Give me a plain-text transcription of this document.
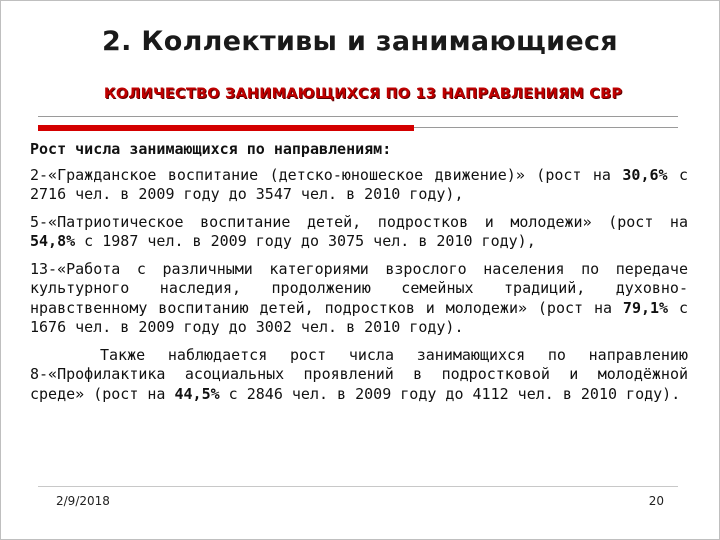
2. Коллективы и занимающиеся
КОЛИЧЕСТВО ЗАНИМАЮЩИХСЯ ПО 13 НАПРАВЛЕНИЯМ СВР

Рост числа занимающихся по направлениям:

2-«Гражданское воспитание (детско-юношеское движение)» (рост на 30,6% с 2716 чел. в 2009 году до 3547 чел. в 2010 году),

5-«Патриотическое воспитание детей, подростков и молодежи» (рост на 54,8% с 1987 чел. в 2009 году до 3075 чел. в 2010 году),

13-«Работа с различными категориями взрослого населения по передаче культурного наследия, продолжению семейных традиций, духовно-нравственному воспитанию детей, подростков и молодежи» (рост на 79,1% с 1676 чел. в 2009 году до 3002 чел. в 2010 году).

Также наблюдается рост числа занимающихся по направлению 8-«Профилактика асоциальных проявлений в подростковой и молодёжной среде» (рост на 44,5% с 2846 чел. в 2009 году до 4112 чел. в 2010 году).

2/9/2018	20
